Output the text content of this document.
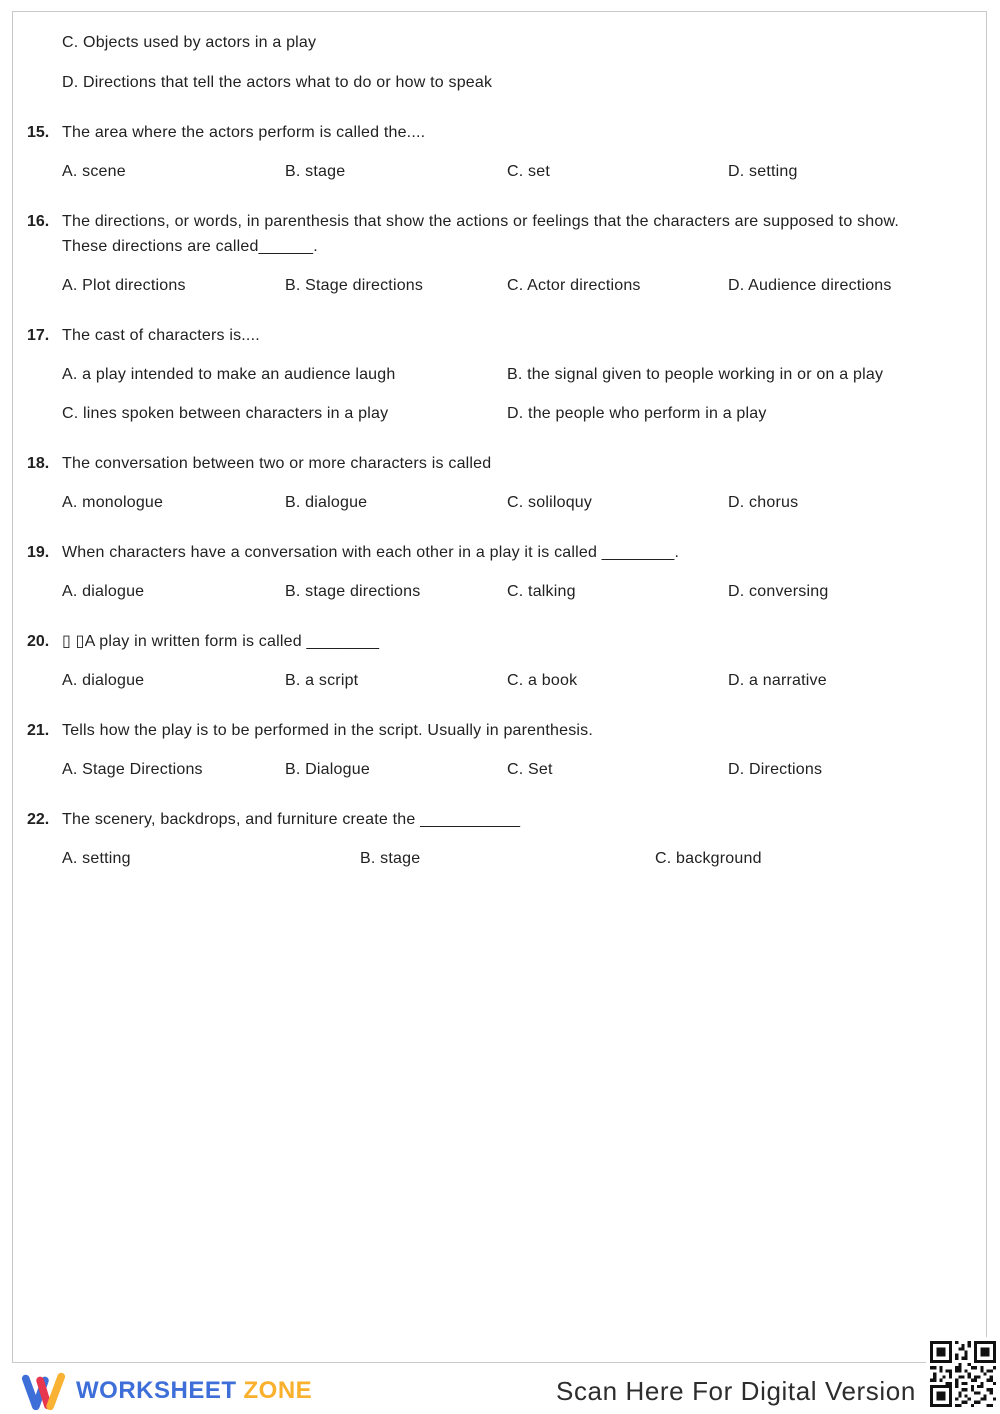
C. Objects used by actors in a play
D. Directions that tell the actors what to do or how to speak
15. The area where the actors perform is called the....
A. scene	B. stage	C. set	D. setting
16. The directions, or words, in parenthesis that show the actions or feelings that the characters are supposed to show.  These directions are called______.
A. Plot directions	B. Stage directions	C. Actor directions	D. Audience directions
17. The cast of characters is....
A. a play intended to make an audience laugh	B. the signal given to people working in or on a play
C. lines spoken between characters in a play	D. the people who perform in a play
18. The conversation between two or more characters is called
A. monologue	B. dialogue	C. soliloquy	D. chorus
19. When characters have a conversation with each other in a play it is called ________.
A. dialogue	B. stage directions	C. talking	D. conversing
20. ▯ ▯A play in written form is called ________
A. dialogue	B. a script	C. a book	D. a narrative
21. Tells how the play is to be performed in the script. Usually in parenthesis.
A. Stage Directions	B. Dialogue	C. Set	D. Directions
22. The scenery, backdrops, and furniture create the ___________
A. setting	B. stage	C. background
WORKSHEET ZONE	Scan Here For Digital Version
